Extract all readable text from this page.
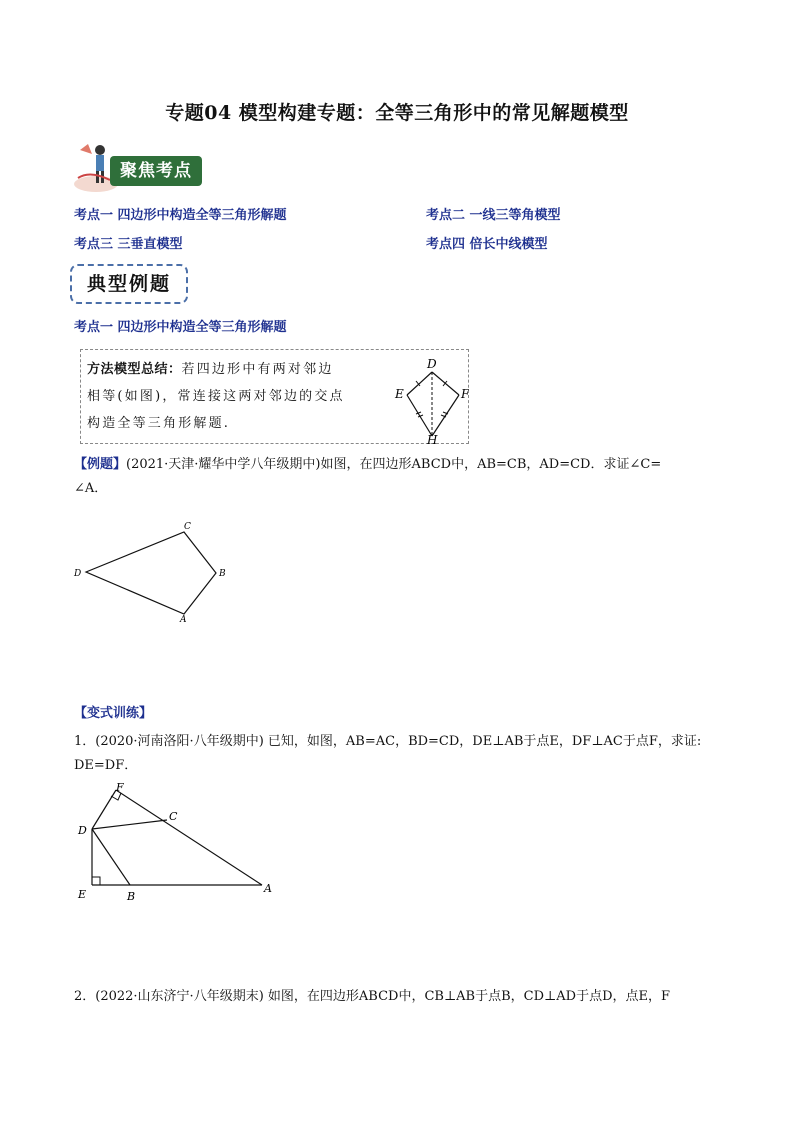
专题04 模型构建专题：全等三角形中的常见解题模型
聚焦考点
考点一 四边形中构造全等三角形解题	考点二 一线三等角模型
考点三 三垂直模型	考点四 倍长中线模型
典型例题
考点一 四边形中构造全等三角形解题
方法模型总结：若四边形中有两对邻边
相等(如图)，常连接这两对邻边的交点
构造全等三角形解题.
D
E	F
H
【例题】(2021·天津·耀华中学八年级期中)如图，在四边形ABCD中，AB=CB，AD=CD．求证∠C=
∠A．
C
D	B
A
【变式训练】
1．(2020·河南洛阳·八年级期中) 已知，如图，AB=AC，BD=CD，DE⊥AB于点E，DF⊥AC于点F，求证:
DE=DF．
F
C
D
E	B
A
2．(2022·山东济宁·八年级期末) 如图，在四边形ABCD中，CB⊥AB于点B，CD⊥AD于点D，点E，F
